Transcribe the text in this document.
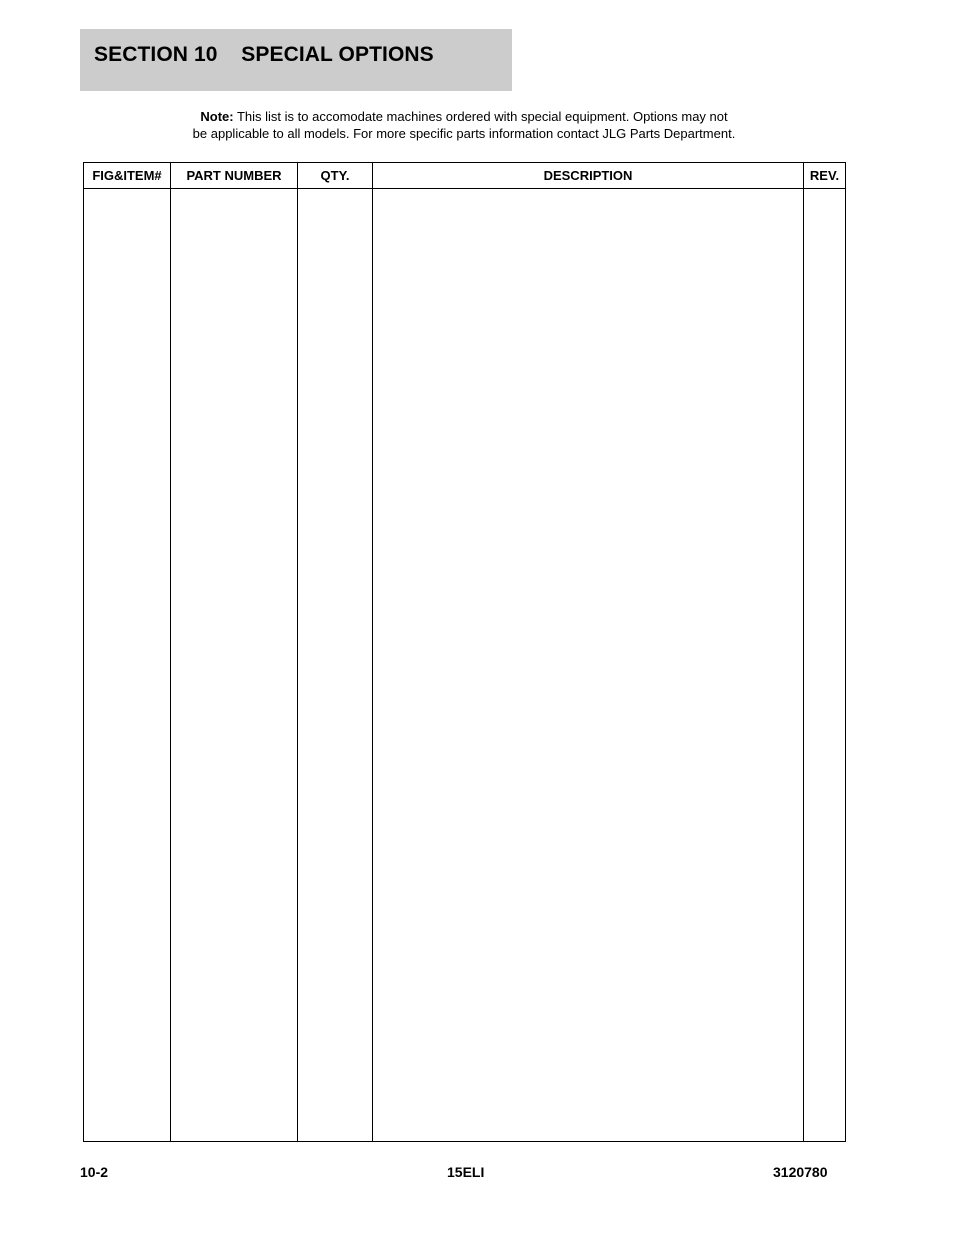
SECTION 10    SPECIAL OPTIONS
Note: This list is to accomodate machines ordered with special equipment. Options may not
be applicable to all models. For more specific parts information contact JLG Parts Department.
FIG&ITEM#	PART NUMBER	QTY.	DESCRIPTION	REV.

10-2	15ELI	3120780
